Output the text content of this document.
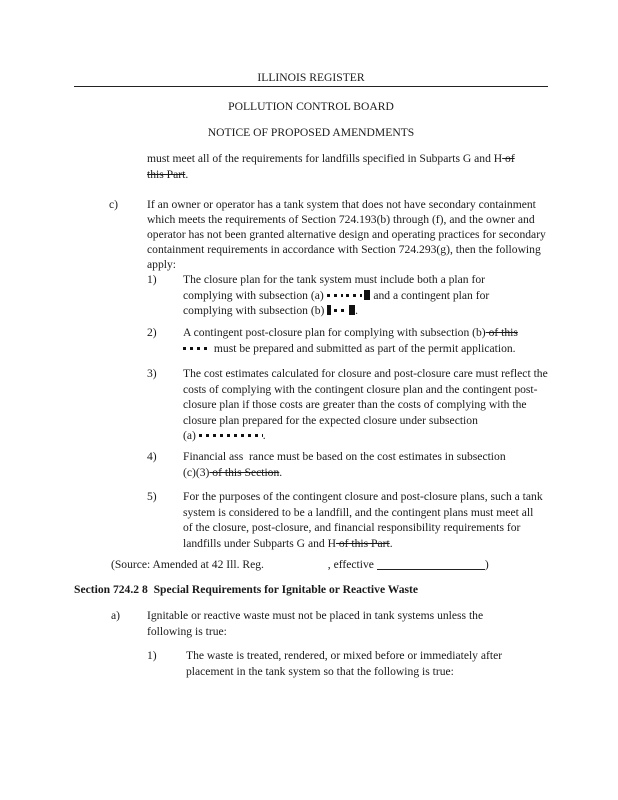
ILLINOIS REGISTER
POLLUTION CONTROL BOARD
NOTICE OF PROPOSED AMENDMENTS
must meet all of the requirements for landfills specified in Subparts G and H of
this Part.
c) If an owner or operator has a tank system that does not have secondary containment which meets the requirements of Section 724.193(b) through (f), and the owner and operator has not been granted alternative design and operating practices for secondary containment requirements in accordance with Section 724.293(g), then the following apply:
1) The closure plan for the tank system must include both a plan for
complying with subsection (a)	and a contingent plan for
complying with subsection (b)	.
2) A contingent post-closure plan for complying with subsection (b) of this
must be prepared and submitted as part of the permit application.
3) The cost estimates calculated for closure and post-closure care must reflect the costs of complying with the contingent closure plan and the contingent post-closure plan if those costs are greater than the costs of complying with the closure plan prepared for the expected closure under subsection
(a)	.
4) Financial ass rance must be based on the cost estimates in subsection
(c)(3) of this Section.
5) For the purposes of the contingent closure and post-closure plans, such a tank system is considered to be a landfill, and the contingent plans must meet all of the closure, post-closure, and financial responsibility requirements for landfills under Subparts G and H of this Part.
(Source: Amended at 42 Ill. Reg.	, effective	)
Section 724.2 8 Special Requirements for Ignitable or Reactive Waste
a) Ignitable or reactive waste must not be placed in tank systems unless the following is true:
1)	The waste is treated, rendered, or mixed before or immediately after placement in the tank system so that the following is true:
